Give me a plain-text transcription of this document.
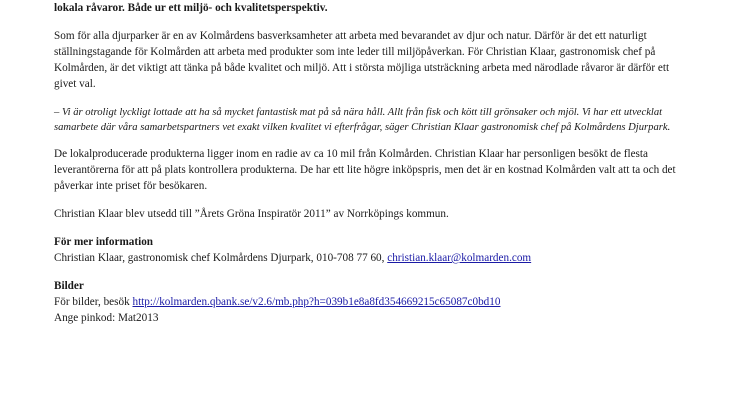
lokala råvaror. Både ur ett miljö- och kvalitetsperspektiv.

Som för alla djurparker är en av Kolmårdens basverksamheter att arbeta med bevarandet av djur och natur. Därför är det ett naturligt ställningstagande för Kolmården att arbeta med produkter som inte leder till miljöpåverkan. För Christian Klaar, gastronomisk chef på Kolmården, är det viktigt att tänka på både kvalitet och miljö. Att i största möjliga utsträckning arbeta med närodlade råvaror är därför ett givet val.

– Vi är otroligt lyckligt lottade att ha så mycket fantastisk mat på så nära håll. Allt från fisk och kött till grönsaker och mjöl. Vi har ett utvecklat samarbete där våra samarbetspartners vet exakt vilken kvalitet vi efterfrågar, säger Christian Klaar gastronomisk chef på Kolmårdens Djurpark.

De lokalproducerade produkterna ligger inom en radie av ca 10 mil från Kolmården. Christian Klaar har personligen besökt de flesta leverantörerna för att på plats kontrollera produkterna. De har ett lite högre inköpspris, men det är en kostnad Kolmården valt att ta och det påverkar inte priset för besökaren.

Christian Klaar blev utsedd till ”Årets Gröna Inspiratör 2011” av Norrköpings kommun.

För mer information

Christian Klaar, gastronomisk chef Kolmårdens Djurpark, 010-708 77 60, christian.klaar@kolmarden.com

Bilder

För bilder, besök http://kolmarden.qbank.se/v2.6/mb.php?h=039b1e8a8fd354669215c65087c0bd10

Ange pinkod: Mat2013
